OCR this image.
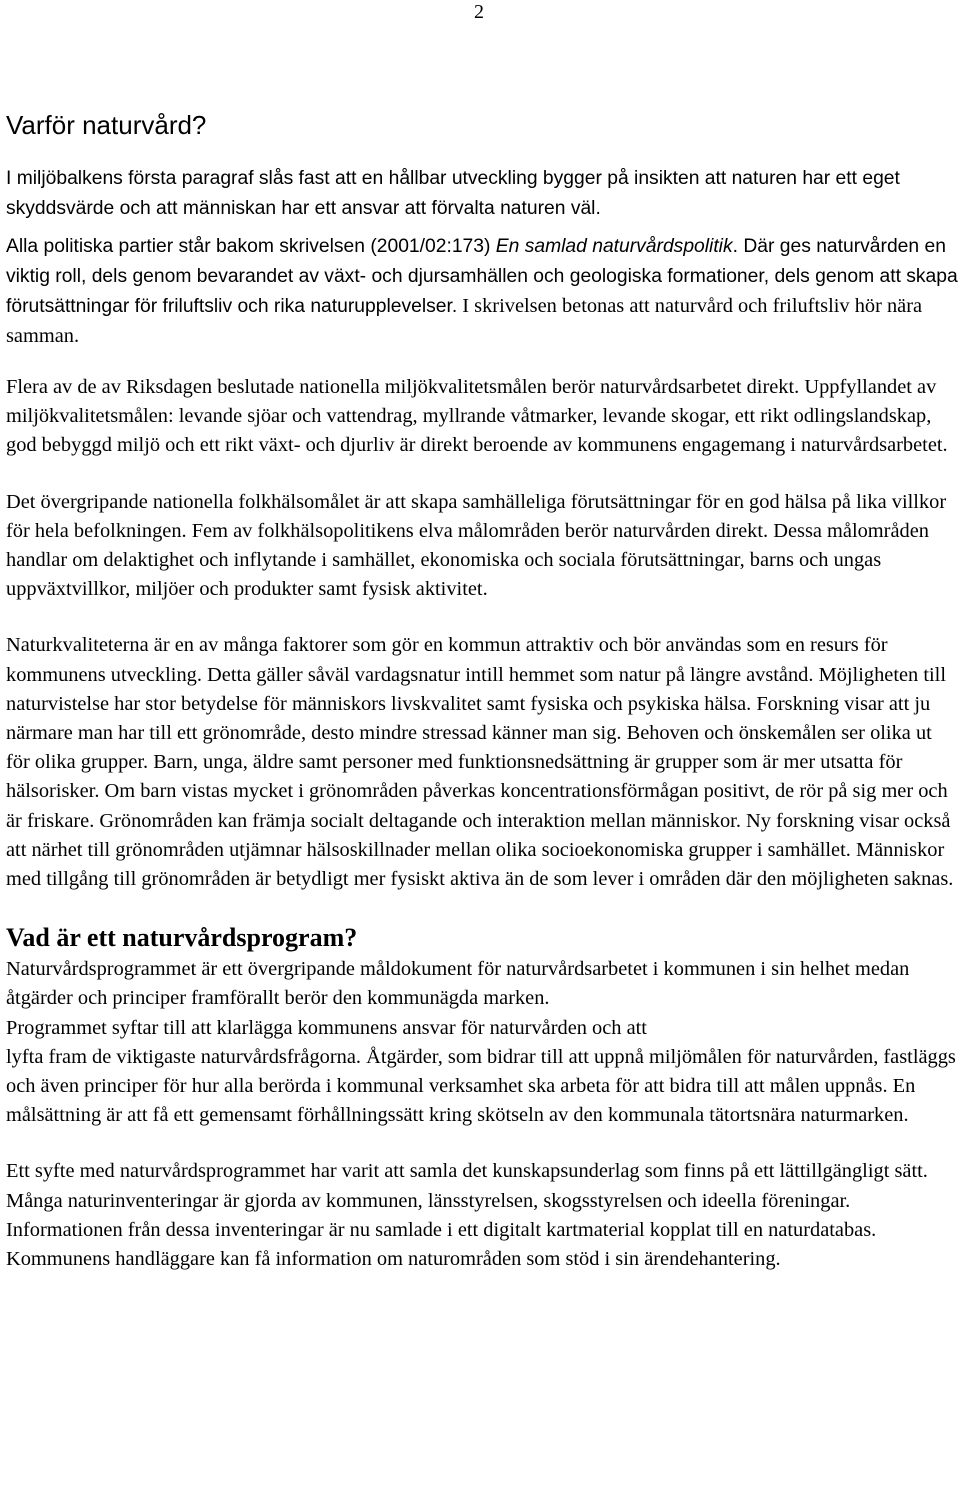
2
Varför naturvård?

I miljöbalkens första paragraf slås fast att en hållbar utveckling bygger på insikten att naturen har ett eget skyddsvärde och att människan har ett ansvar att förvalta naturen väl.

Alla politiska partier står bakom skrivelsen (2001/02:173) En samlad naturvårdspolitik. Där ges naturvården en viktig roll, dels genom bevarandet av växt- och djursamhällen och geologiska formationer, dels genom att skapa förutsättningar för friluftsliv och rika naturupplevelser. I skrivelsen betonas att naturvård och friluftsliv hör nära samman.

Flera av de av Riksdagen beslutade nationella miljökvalitetsmålen berör naturvårdsarbetet direkt. Uppfyllandet av miljökvalitetsmålen: levande sjöar och vattendrag, myllrande våtmarker, levande skogar, ett rikt odlingslandskap, god bebyggd miljö och ett rikt växt- och djurliv är direkt beroende av kommunens engagemang i naturvårdsarbetet.

Det övergripande nationella folkhälsomålet är att skapa samhälleliga förutsättningar för en god hälsa på lika villkor för hela befolkningen. Fem av folkhälsopolitikens elva målområden berör naturvården direkt. Dessa målområden handlar om delaktighet och inflytande i samhället, ekonomiska och sociala förutsättningar, barns och ungas uppväxtvillkor, miljöer och produkter samt fysisk aktivitet.

Naturkvaliteterna är en av många faktorer som gör en kommun attraktiv och bör användas som en resurs för kommunens utveckling. Detta gäller såväl vardagsnatur intill hemmet som natur på längre avstånd. Möjligheten till naturvistelse har stor betydelse för människors livskvalitet samt fysiska och psykiska hälsa. Forskning visar att ju närmare man har till ett grönområde, desto mindre stressad känner man sig. Behoven och önskemålen ser olika ut för olika grupper. Barn, unga, äldre samt personer med funktionsnedsättning är grupper som är mer utsatta för hälsorisker. Om barn vistas mycket i grönområden påverkas koncentrationsförmågan positivt, de rör på sig mer och är friskare. Grönområden kan främja socialt deltagande och interaktion mellan människor. Ny forskning visar också att närhet till grönområden utjämnar hälsoskillnader mellan olika socioekonomiska grupper i samhället. Människor med tillgång till grönområden är betydligt mer fysiskt aktiva än de som lever i områden där den möjligheten saknas.

Vad är ett naturvårdsprogram?

Naturvårdsprogrammet är ett övergripande måldokument för naturvårdsarbetet i kommunen i sin helhet medan åtgärder och principer framförallt berör den kommunägda marken.
Programmet syftar till att klarlägga kommunens ansvar för naturvården och att
lyfta fram de viktigaste naturvårdsfrågorna. Åtgärder, som bidrar till att uppnå miljömålen för naturvården, fastläggs och även principer för hur alla berörda i kommunal verksamhet ska arbeta för att bidra till att målen uppnås. En målsättning är att få ett gemensamt förhållningssätt kring skötseln av den kommunala tätortsnära naturmarken.

Ett syfte med naturvårdsprogrammet har varit att samla det kunskapsunderlag som finns på ett lättillgängligt sätt. Många naturinventeringar är gjorda av kommunen, länsstyrelsen, skogsstyrelsen och ideella föreningar. Informationen från dessa inventeringar är nu samlade i ett digitalt kartmaterial kopplat till en naturdatabas. Kommunens handläggare kan få information om naturområden som stöd i sin ärendehantering.
